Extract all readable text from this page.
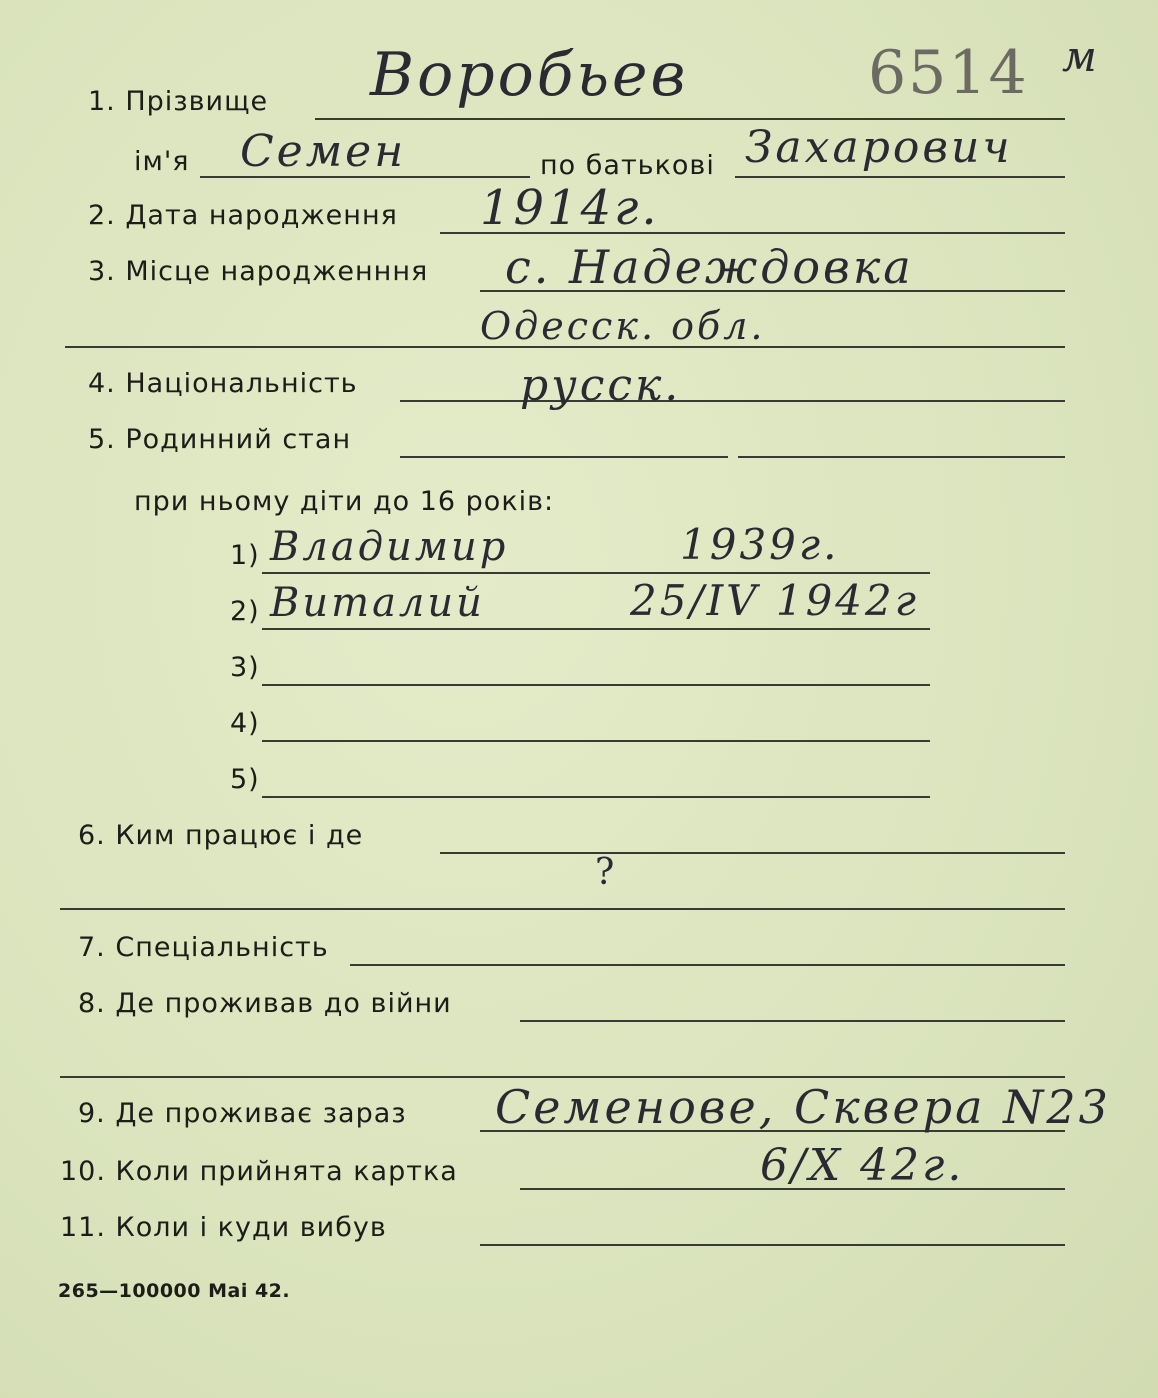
6514 м
1. Прізвище Воробьев
ім'я Семен	по батькові Захарович
2. Дата народження 1914г.
3. Місце народженння с. Надеждовка
Одесск. обл.
4. Національність	русск.
5. Родинний стан
при ньому діти до 16 років:
1) Владимир	1939г.
2) Виталий	25/IV 1942г
3)
4)
5)
6. Ким працює і де
?
7. Спеціальність
8. Де проживав до війни
9. Де проживає зараз Семенове, Сквера N23
10. Коли прийнята картка	6/X 42г.
11. Коли і куди вибув
265—100000 Маі 42.
